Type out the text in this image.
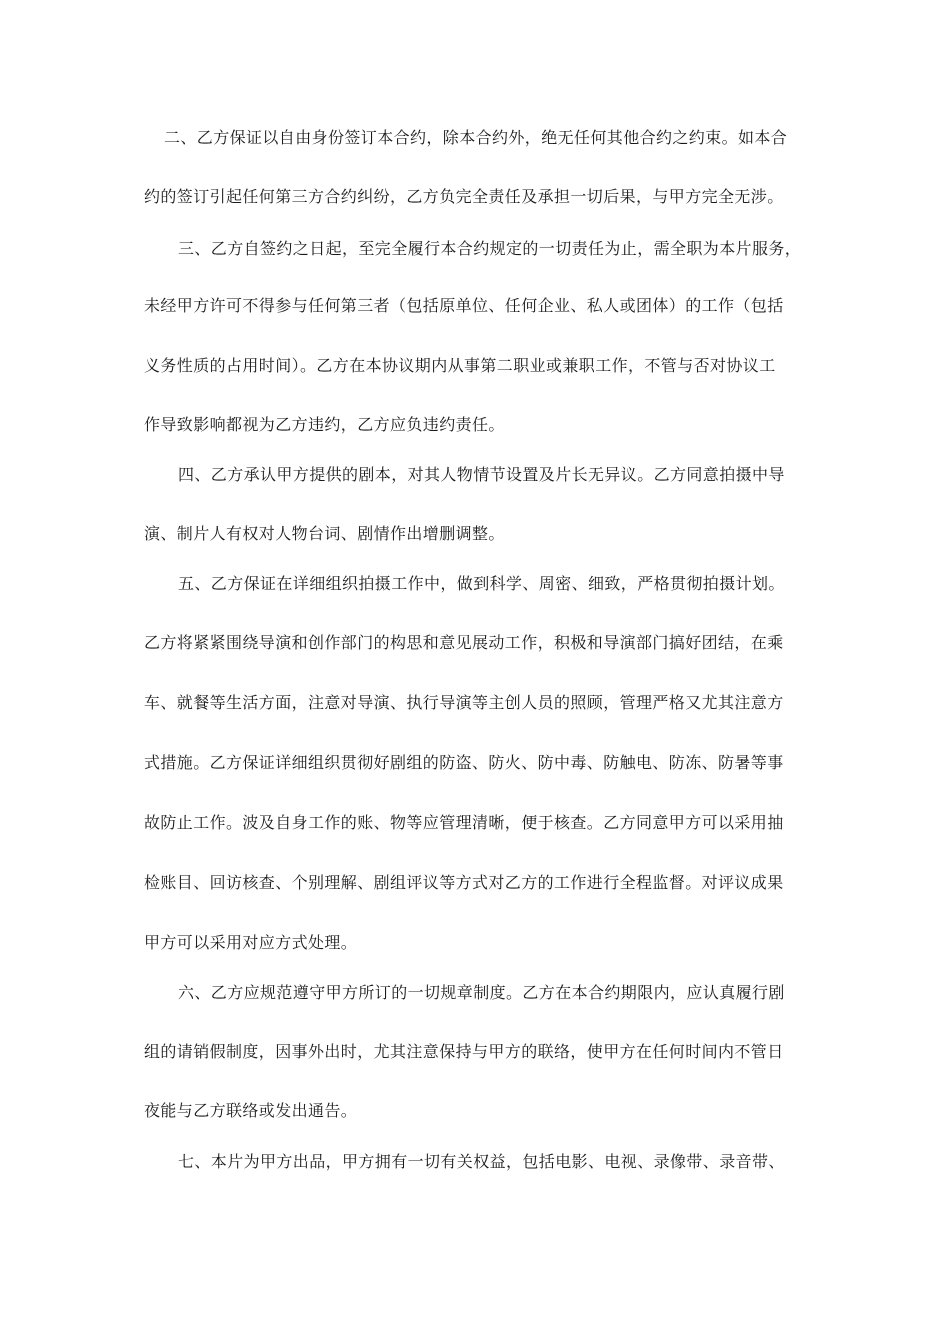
二、乙方保证以自由身份签订本合约，除本合约外，绝无任何其他合约之约束。如本合
约的签订引起任何第三方合约纠纷，乙方负完全责任及承担一切后果，与甲方完全无涉。
三、乙方自签约之日起，至完全履行本合约规定的一切责任为止，需全职为本片服务，
未经甲方许可不得参与任何第三者（包括原单位、任何企业、私人或团体）的工作（包括
义务性质的占用时间）。乙方在本协议期内从事第二职业或兼职工作，不管与否对协议工
作导致影响都视为乙方违约，乙方应负违约责任。
四、乙方承认甲方提供的剧本，对其人物情节设置及片长无异议。乙方同意拍摄中导
演、制片人有权对人物台词、剧情作出增删调整。
五、乙方保证在详细组织拍摄工作中，做到科学、周密、细致，严格贯彻拍摄计划。
乙方将紧紧围绕导演和创作部门的构思和意见展动工作，积极和导演部门搞好团结，在乘
车、就餐等生活方面，注意对导演、执行导演等主创人员的照顾，管理严格又尤其注意方
式措施。乙方保证详细组织贯彻好剧组的防盗、防火、防中毒、防触电、防冻、防暑等事
故防止工作。波及自身工作的账、物等应管理清晰，便于核查。乙方同意甲方可以采用抽
检账目、回访核查、个别理解、剧组评议等方式对乙方的工作进行全程监督。对评议成果
甲方可以采用对应方式处理。
六、乙方应规范遵守甲方所订的一切规章制度。乙方在本合约期限内，应认真履行剧
组的请销假制度，因事外出时，尤其注意保持与甲方的联络，使甲方在任何时间内不管日
夜能与乙方联络或发出通告。
七、本片为甲方出品，甲方拥有一切有关权益，包括电影、电视、录像带、录音带、
